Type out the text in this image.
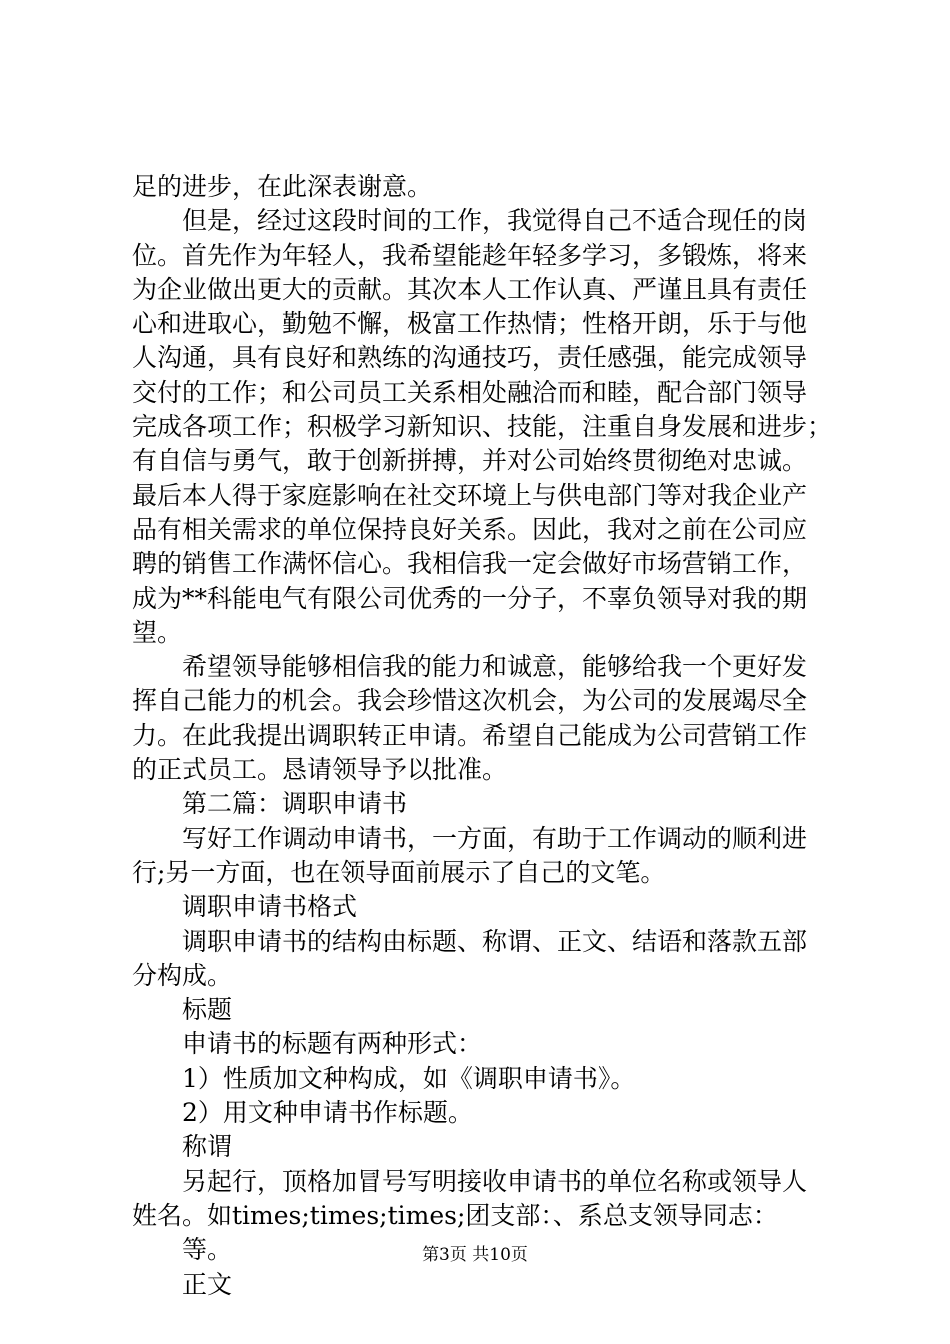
足的进步，在此深表谢意。
但是，经过这段时间的工作，我觉得自己不适合现任的岗
位。首先作为年轻人，我希望能趁年轻多学习，多锻炼，将来
为企业做出更大的贡献。其次本人工作认真、严谨且具有责任
心和进取心，勤勉不懈，极富工作热情；性格开朗，乐于与他
人沟通，具有良好和熟练的沟通技巧，责任感强，能完成领导
交付的工作；和公司员工关系相处融洽而和睦，配合部门领导
完成各项工作；积极学习新知识、技能，注重自身发展和进步；
有自信与勇气，敢于创新拼搏，并对公司始终贯彻绝对忠诚。
最后本人得于家庭影响在社交环境上与供电部门等对我企业产
品有相关需求的单位保持良好关系。因此，我对之前在公司应
聘的销售工作满怀信心。我相信我一定会做好市场营销工作，
成为**科能电气有限公司优秀的一分子，不辜负领导对我的期
望。
希望领导能够相信我的能力和诚意，能够给我一个更好发
挥自己能力的机会。我会珍惜这次机会，为公司的发展竭尽全
力。在此我提出调职转正申请。希望自己能成为公司营销工作
的正式员工。恳请领导予以批准。
第二篇：调职申请书
写好工作调动申请书，一方面，有助于工作调动的顺利进
行;另一方面，也在领导面前展示了自己的文笔。
调职申请书格式
调职申请书的结构由标题、称谓、正文、结语和落款五部
分构成。
标题
申请书的标题有两种形式：
1）性质加文种构成，如《调职申请书》。
2）用文种申请书作标题。
称谓
另起行，顶格加冒号写明接收申请书的单位名称或领导人
姓名。如times;times;times;团支部：、系总支领导同志：
等。
正文
第3页 共10页
